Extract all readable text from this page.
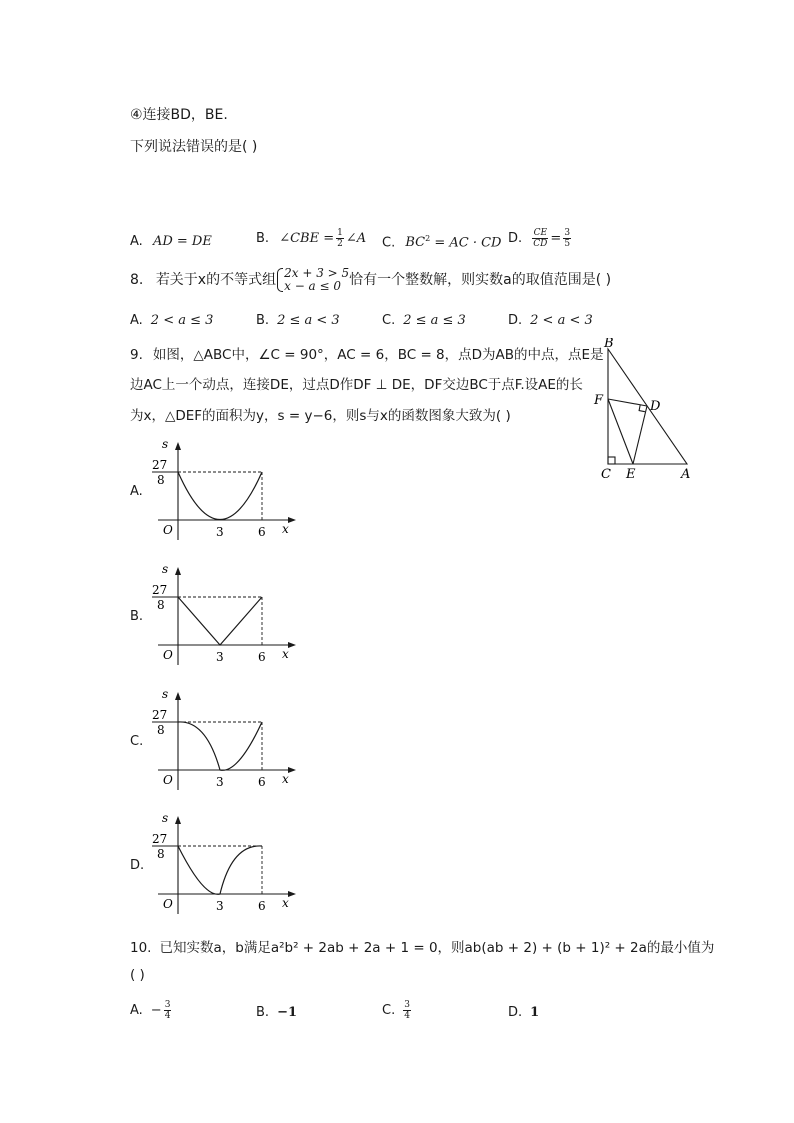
④连接BD，BE.
下列说法错误的是( )
A. AD = DE	B. ∠CBE = $\frac{1}{2}$ ∠A C. $BC^2$ = AC · CD D. $\frac{CE}{CD} = \frac{3}{5}$
8. 若关于x的不等式组 2x + 3 > 5
x − a ≤ 0 恰有一个整数解，则实数a的取值范围是( )
A. 2 < a ≤ 3	B. 2 ≤ a < 3	C. 2 ≤ a ≤ 3	D. 2 < a < 3
9. 如图，△ABC中，∠C = 90°，AC = 6，BC = 8，点D为AB的中点，点E是
边AC上一个动点，连接DE，过点D作DF ⊥ DE，DF交边BC于点F.设AE的长
为x，△DEF的面积为y，s = y−6，则s与x的函数图象大致为( )
B
F	D
C E	A
A.
B.
C.
D.
s
27
8
O	3	6 x
s
27
8
O	3	6 x
s
27
8
O	3	6 x
s
27
8
O	3	6 x
10. 已知实数a，b满足a²b² + 2ab + 2a + 1 = 0，则ab(ab + 2) + (b + 1)² + 2a的最小值为
( )
A. − $\frac{3}{4}$	B. −1	C. $\frac{3}{4}$	D. 1
